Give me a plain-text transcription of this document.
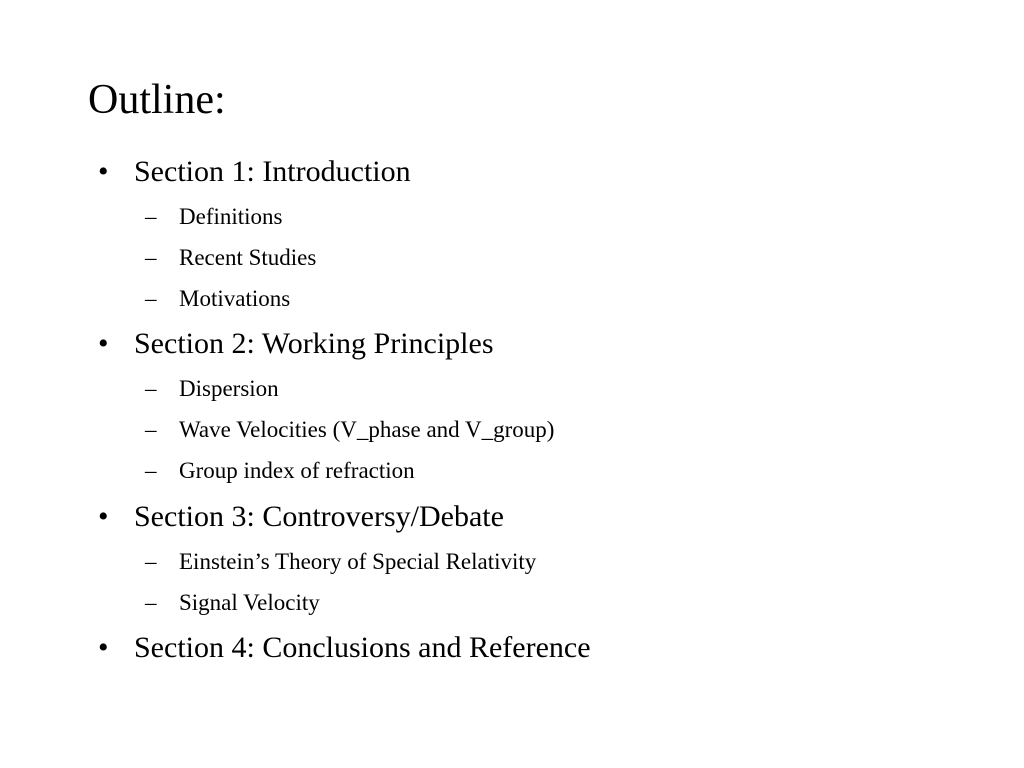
Outline:
• Section 1: Introduction
– Definitions
– Recent Studies
– Motivations
• Section 2: Working Principles
– Dispersion
– Wave Velocities (V_phase and V_group)
– Group index of refraction
• Section 3: Controversy/Debate
– Einstein’s Theory of Special Relativity
– Signal Velocity
• Section 4: Conclusions and Reference
